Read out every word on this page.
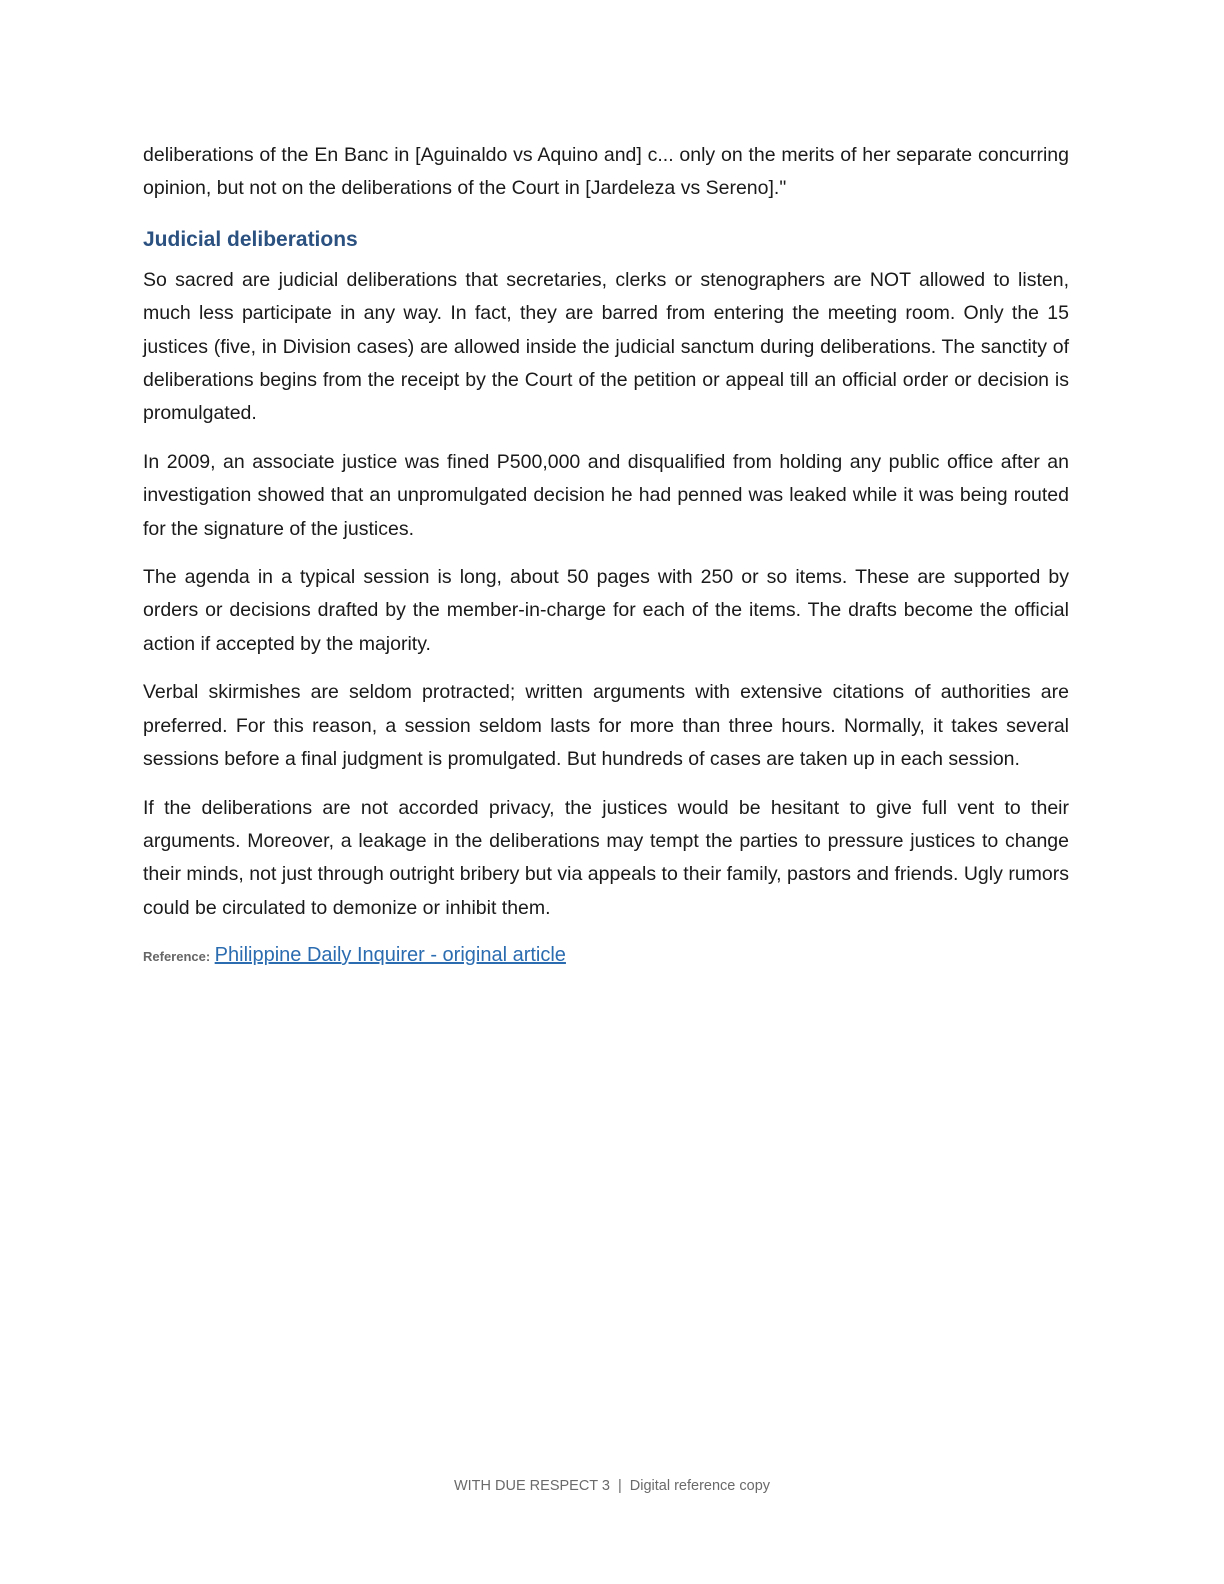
deliberations of the En Banc in [Aguinaldo vs Aquino and] c... only on the merits of her separate concurring opinion, but not on the deliberations of the Court in [Jardeleza vs Sereno]."

Judicial deliberations

So sacred are judicial deliberations that secretaries, clerks or stenographers are NOT allowed to listen, much less participate in any way. In fact, they are barred from entering the meeting room. Only the 15 justices (five, in Division cases) are allowed inside the judicial sanctum during deliberations. The sanctity of deliberations begins from the receipt by the Court of the petition or appeal till an official order or decision is promulgated.

In 2009, an associate justice was fined P500,000 and disqualified from holding any public office after an investigation showed that an unpromulgated decision he had penned was leaked while it was being routed for the signature of the justices.

The agenda in a typical session is long, about 50 pages with 250 or so items. These are supported by orders or decisions drafted by the member-in-charge for each of the items. The drafts become the official action if accepted by the majority.

Verbal skirmishes are seldom protracted; written arguments with extensive citations of authorities are preferred. For this reason, a session seldom lasts for more than three hours. Normally, it takes several sessions before a final judgment is promulgated. But hundreds of cases are taken up in each session.

If the deliberations are not accorded privacy, the justices would be hesitant to give full vent to their arguments. Moreover, a leakage in the deliberations may tempt the parties to pressure justices to change their minds, not just through outright bribery but via appeals to their family, pastors and friends. Ugly rumors could be circulated to demonize or inhibit them.

Reference: Philippine Daily Inquirer - original article
WITH DUE RESPECT 3 | Digital reference copy
